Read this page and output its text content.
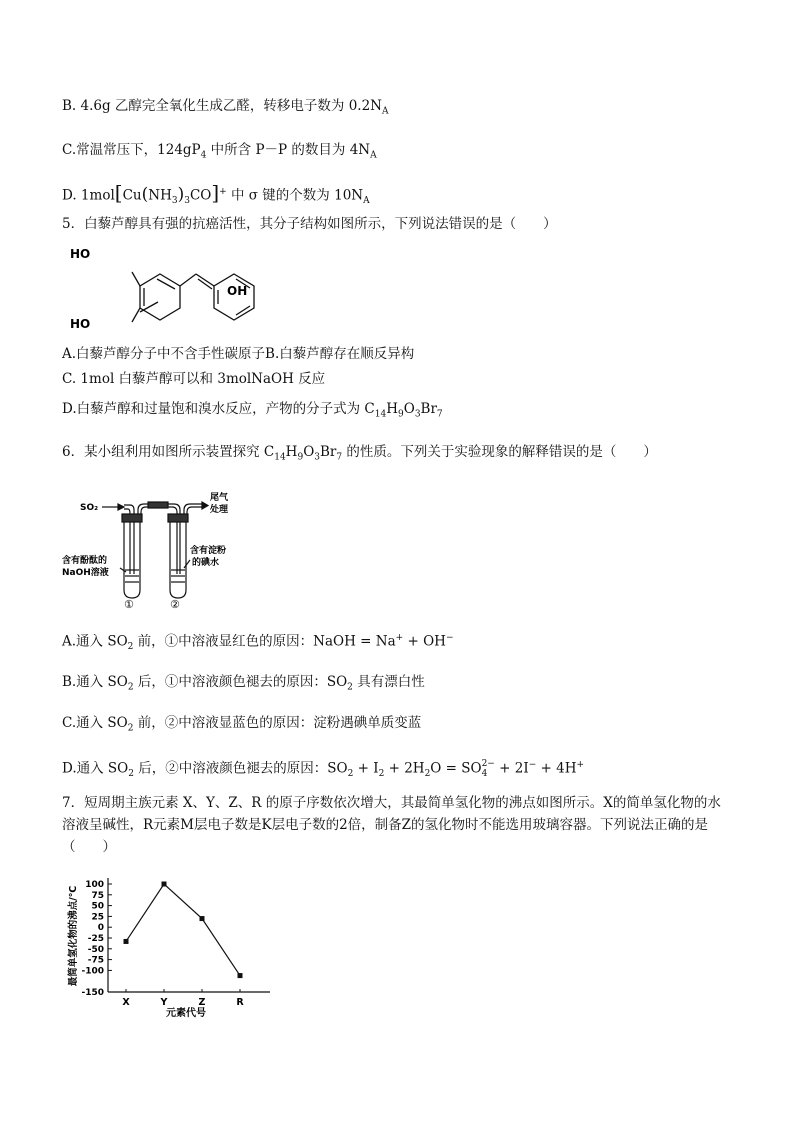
B. 4.6g 乙醇完全氧化生成乙醛，转移电子数为 $0.2N_A$
C.常温常压下，$124gP_4$ 中所含 P－P 的数目为 $4N_A$
D. $1mol[Cu(NH_3)_3CO]^+$ 中 σ 键的个数为 $10N_A$
5．白藜芦醇具有强的抗癌活性，其分子结构如图所示，下列说法错误的是（　　）
HO
HO
OH
A.白藜芦醇分子中不含手性碳原子B.白藜芦醇存在顺反异构
C. 1mol 白藜芦醇可以和 3molNaOH 反应
D.白藜芦醇和过量饱和溴水反应，产物的分子式为 $C_{14}H_9O_3Br_7$
6．某小组利用如图所示装置探究 $C_{14}H_9O_3Br_7$ 的性质。下列关于实验现象的解释错误的是（　　）
SO₂
尾气
处理
含有酚酞的
NaOH溶液
含有淀粉
的碘水
①	②
A.通入 $SO_2$ 前，①中溶液显红色的原因：NaOH = Na+ + OH−
B.通入 $SO_2$ 后，①中溶液颜色褪去的原因：$SO_2$ 具有漂白性
C.通入 $SO_2$ 前，②中溶液显蓝色的原因：淀粉遇碘单质变蓝
D.通入 $SO_2$ 后，②中溶液颜色褪去的原因：$SO_2 + I_2 + 2H_2O$ = SO 2−
4 + 2I− + 4H+
7．短周期主族元素 X、Y、Z、R 的原子序数依次增大，其最简单氢化物的沸点如图所示。X的简单氢化物的水溶液呈碱性，R元素M层电子数是K层电子数的2倍，制备Z的氢化物时不能选用玻璃容器。下列说法正确的是（　　）
100
75
50
25
0
-25
-50
-75
-100
-150
X	Y	Z	R
元素代号
最简单氢化物的沸点/℃
